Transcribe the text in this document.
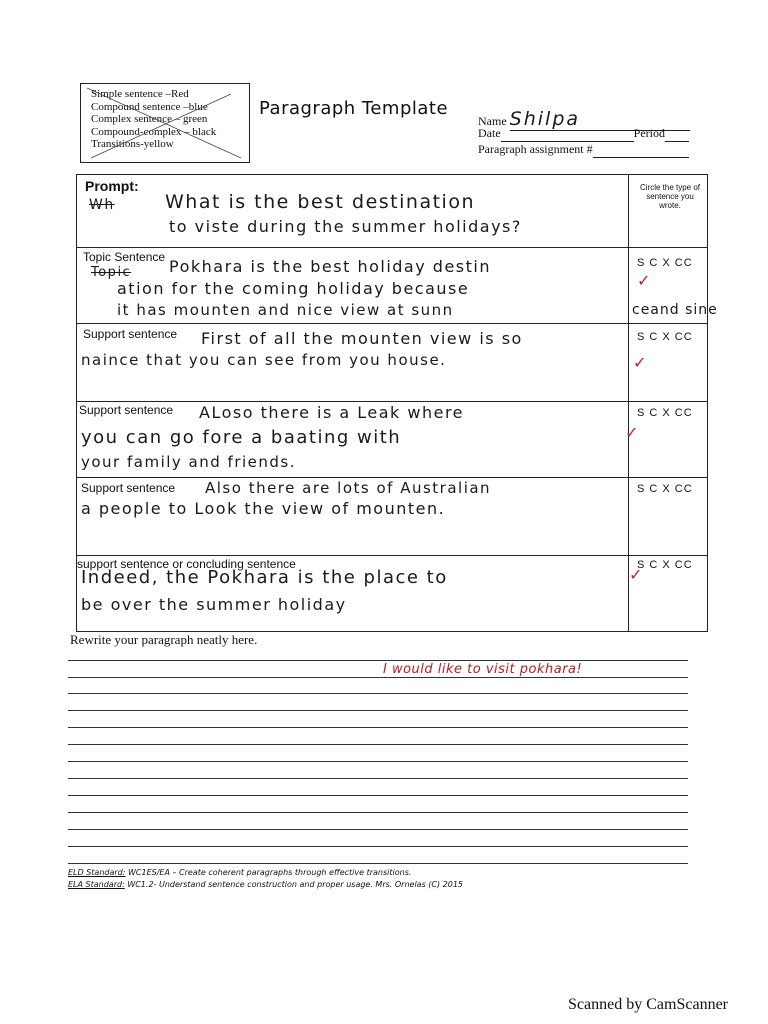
Simple sentence –Red
Compound sentence –blue
Complex sentence – green
Compound-complex – black
Transitions-yellow
Paragraph Template
Name Shilpa
Date	Period
Paragraph assignment #
Prompt:	Circle the type of sentence you wrote.
Wh	What is the best destination
to viste during the summer holidays?
Topic Sentence
Topic Pokhara is the best holiday destin
ation for the coming holiday because
it has mounten and nice view at sunn
S C X CC
✓
Support sentence First of all the mounten view is so
naince that you can see from you house.
S C X CC
✓
Support sentence ALoso there is a Leak where
you can go fore a baating with
your family and friends.
S C X CC
✓
Support sentence Also there are lots of Australian
a people to Look the view of mounten.
S C X CC
support sentence or concluding sentence
Indeed, the Pokhara is the place to
be over the summer holiday
S C X CC
✓
ceand sine
Rewrite your paragraph neatly here.
I would like to visit pokhara!
ELD Standard: WC1ES/EA – Create coherent paragraphs through effective transitions.
ELA Standard: WC1.2- Understand sentence construction and proper usage. Mrs. Ornelas (C) 2015
Scanned by CamScanner
